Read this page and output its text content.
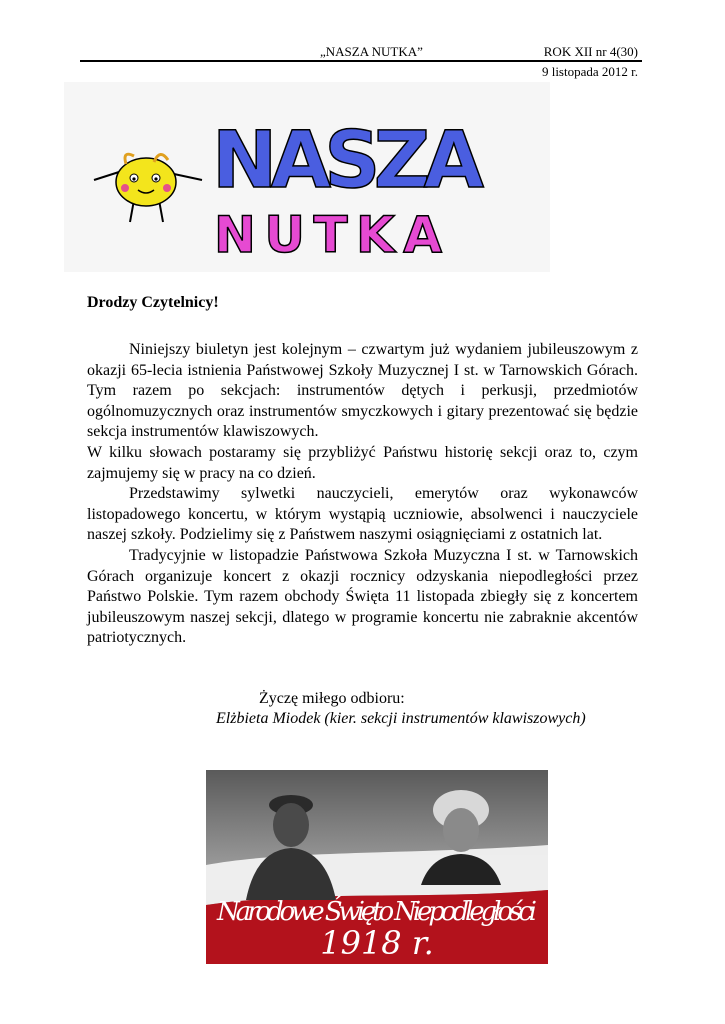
„NASZA NUTKA”	ROK XII nr 4(30)
9 listopada 2012 r.
NASZA
NUTKA
Drodzy Czytelnicy!

Niniejszy biuletyn jest kolejnym – czwartym już wydaniem jubileuszowym z okazji 65-lecia istnienia Państwowej Szkoły Muzycznej I st. w Tarnowskich Górach. Tym razem po sekcjach: instrumentów dętych i perkusji, przedmiotów ogólnomuzycznych oraz instrumentów smyczkowych i gitary prezentować się będzie sekcja instrumentów klawiszowych.

W kilku słowach postaramy się przybliżyć Państwu historię sekcji oraz to, czym zajmujemy się w pracy na co dzień.

Przedstawimy sylwetki nauczycieli, emerytów oraz wykonawców listopadowego koncertu, w którym wystąpią uczniowie, absolwenci i nauczyciele naszej szkoły. Podzielimy się z Państwem naszymi osiągnięciami z ostatnich lat.

Tradycyjnie w listopadzie Państwowa Szkoła Muzyczna I st. w Tarnowskich Górach organizuje koncert z okazji rocznicy odzyskania niepodległości przez Państwo Polskie. Tym razem obchody Święta 11 listopada zbiegły się z koncertem jubileuszowym naszej sekcji, dlatego w programie koncertu nie zabraknie akcentów patriotycznych.

Życzę miłego odbioru:
Elżbieta Miodek (kier. sekcji instrumentów klawiszowych)
Narodowe Święto Niepodległości
1918 r.
